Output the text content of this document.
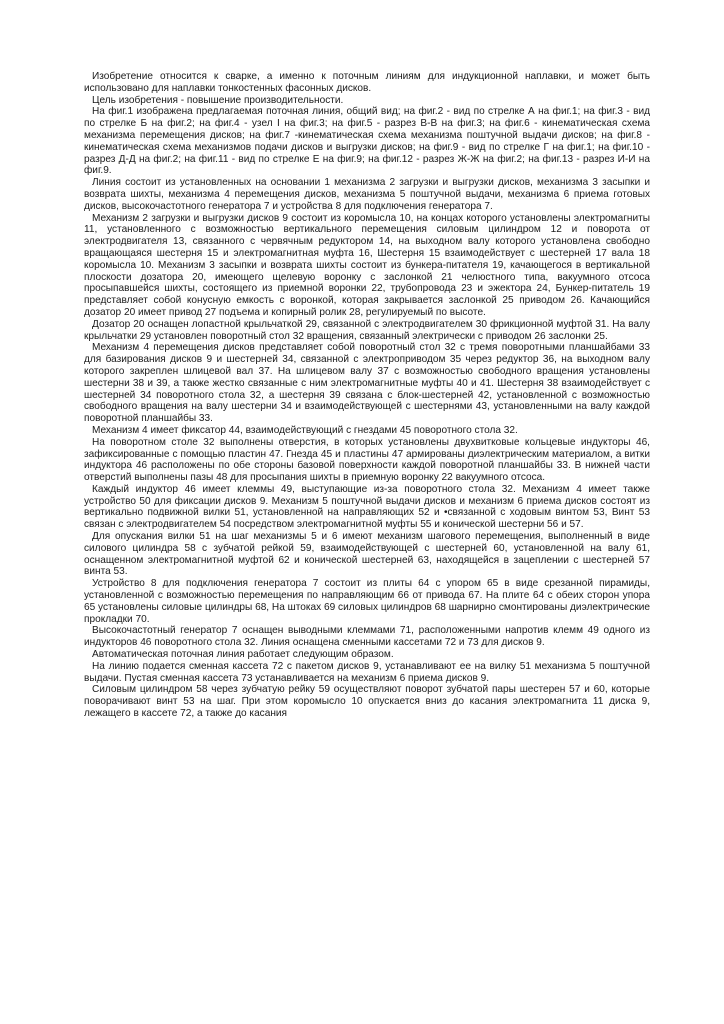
Изобретение относится к сварке, а именно к поточным линиям для индукционной наплавки, и может быть использовано для наплавки тонкостенных фасонных дисков.

Цель изобретения - повышение производительности.

На фиг.1 изображена предлагаемая поточная линия, общий вид; на фиг.2 - вид по стрелке А на фиг.1; на фиг.3 - вид по стрелке Б на фиг.2; на фиг.4 - узел I на фиг.3; на фиг.5 - разрез В-В на фиг.3; на фиг.6 - кинематическая схема механизма перемещения дисков; на фиг.7 -кинематическая схема механизма поштучной выдачи дисков; на фиг.8 - кинематическая схема механизмов подачи дисков и выгрузки дисков; на фиг.9 - вид по стрелке Г на фиг.1; на фиг.10 - разрез Д-Д на фиг.2; на фиг.11 - вид по стрелке Е на фиг.9; на фиг.12 - разрез Ж-Ж на фиг.2; на фиг.13 - разрез И-И на фиг.9.

Линия состоит из установленных на основании 1 механизма 2 загрузки и выгрузки дисков, механизма 3 засыпки и возврата шихты, механизма 4 перемещения дисков, механизма 5 поштучной выдачи, механизма 6 приема готовых дисков, высокочастотного генератора 7 и устройства 8 для подключения генератора 7.

Механизм 2 загрузки и выгрузки дисков 9 состоит из коромысла 10, на концах которого установлены электромагниты 11, установленного с возможностью вертикального перемещения силовым цилиндром 12 и поворота от электродвигателя 13, связанного с червячным редуктором 14, на выходном валу которого установлена свободно вращающаяся шестерня 15 и электромагнитная муфта 16, Шестерня 15 взаимодействует с шестерней 17 вала 18 коромысла 10. Механизм 3 засыпки и возврата шихты состоит из бункера-питателя 19, качающегося в вертикальной плоскости дозатора 20, имеющего щелевую воронку с заслонкой 21 челюстного типа, вакуумного отсоса просыпавшейся шихты, состоящего из приемной воронки 22, трубопровода 23 и эжектора 24, Бункер-питатель 19 представляет собой конусную емкость с воронкой, которая закрывается заслонкой 25 приводом 26. Качающийся дозатор 20 имеет привод 27 подъема и копирный ролик 28, регулируемый по высоте.

Дозатор 20 оснащен лопастной крыльчаткой 29, связанной с электродвигателем 30 фрикционной муфтой 31. На валу крыльчатки 29 установлен поворотный стол 32 вращения, связанный электрически с приводом 26 заслонки 25.

Механизм 4 перемещения дисков представляет собой поворотный стол 32 с тремя поворотными планшайбами 33 для базирования дисков 9 и шестерней 34, связанной с электроприводом 35 через редуктор 36, на выходном валу которого закреплен шлицевой вал 37. На шлицевом валу 37 с возможностью свободного вращения установлены шестерни 38 и 39, а также жестко связанные с ним электромагнитные муфты 40 и 41. Шестерня 38 взаимодействует с шестерней 34 поворотного стола 32, а шестерня 39 связана с блок-шестерней 42, установленной с возможностью свободного вращения на валу шестерни 34 и взаимодействующей с шестернями 43, установленными на валу каждой поворотной планшайбы 33.

Механизм 4 имеет фиксатор 44, взаимодействующий с гнездами 45 поворотного стола 32.

На поворотном столе 32 выполнены отверстия, в которых установлены двухвитковые кольцевые индукторы 46, зафиксированные с помощью пластин 47. Гнезда 45 и пластины 47 армированы диэлектрическим материалом, а витки индуктора 46 расположены по обе стороны базовой поверхности каждой поворотной планшайбы 33. В нижней части отверстий выполнены пазы 48 для просыпания шихты в приемную воронку 22 вакуумного отсоса.

Каждый индуктор 46 имеет клеммы 49, выступающие из-за поворотного стола 32. Механизм 4 имеет также устройство 50 для фиксации дисков 9. Механизм 5 поштучной выдачи дисков и механизм 6 приема дисков состоят из вертикально подвижной вилки 51, установленной на направляющих 52 и •связанной с ходовым винтом 53, Винт 53 связан с электродвигателем 54 посредством электромагнитной муфты 55 и конической шестерни 56 и 57.

Для опускания вилки 51 на шаг механизмы 5 и 6 имеют механизм шагового перемещения, выполненный в виде силового цилиндра 58 с зубчатой рейкой 59, взаимодействующей с шестерней 60, установленной на валу 61, оснащенном электромагнитной муфтой 62 и конической шестерней 63, находящейся в зацеплении с шестерней 57 винта 53.

Устройство 8 для подключения генератора 7 состоит из плиты 64 с упором 65 в виде срезанной пирамиды, установленной с возможностью перемещения по направляющим 66 от привода 67. На плите 64 с обеих сторон упора 65 установлены силовые цилиндры 68, На штоках 69 силовых цилиндров 68 шарнирно смонтированы диэлектрические прокладки 70.

Высокочастотный генератор 7 оснащен выводными клеммами 71, расположенными напротив клемм 49 одного из индукторов 46 поворотного стола 32. Линия оснащена сменными кассетами 72 и 73 для дисков 9.

Автоматическая поточная линия работает следующим образом.

На линию подается сменная кассета 72 с пакетом дисков 9, устанавливают ее на вилку 51 механизма 5 поштучной выдачи. Пустая сменная кассета 73 устанавливается на механизм 6 приема дисков 9.

Силовым цилиндром 58 через зубчатую рейку 59 осуществляют поворот зубчатой пары шестерен 57 и 60, которые поворачивают винт 53 на шаг. При этом коромысло 10 опускается вниз до касания электромагнита 11 диска 9, лежащего в кассете 72, а также до касания
